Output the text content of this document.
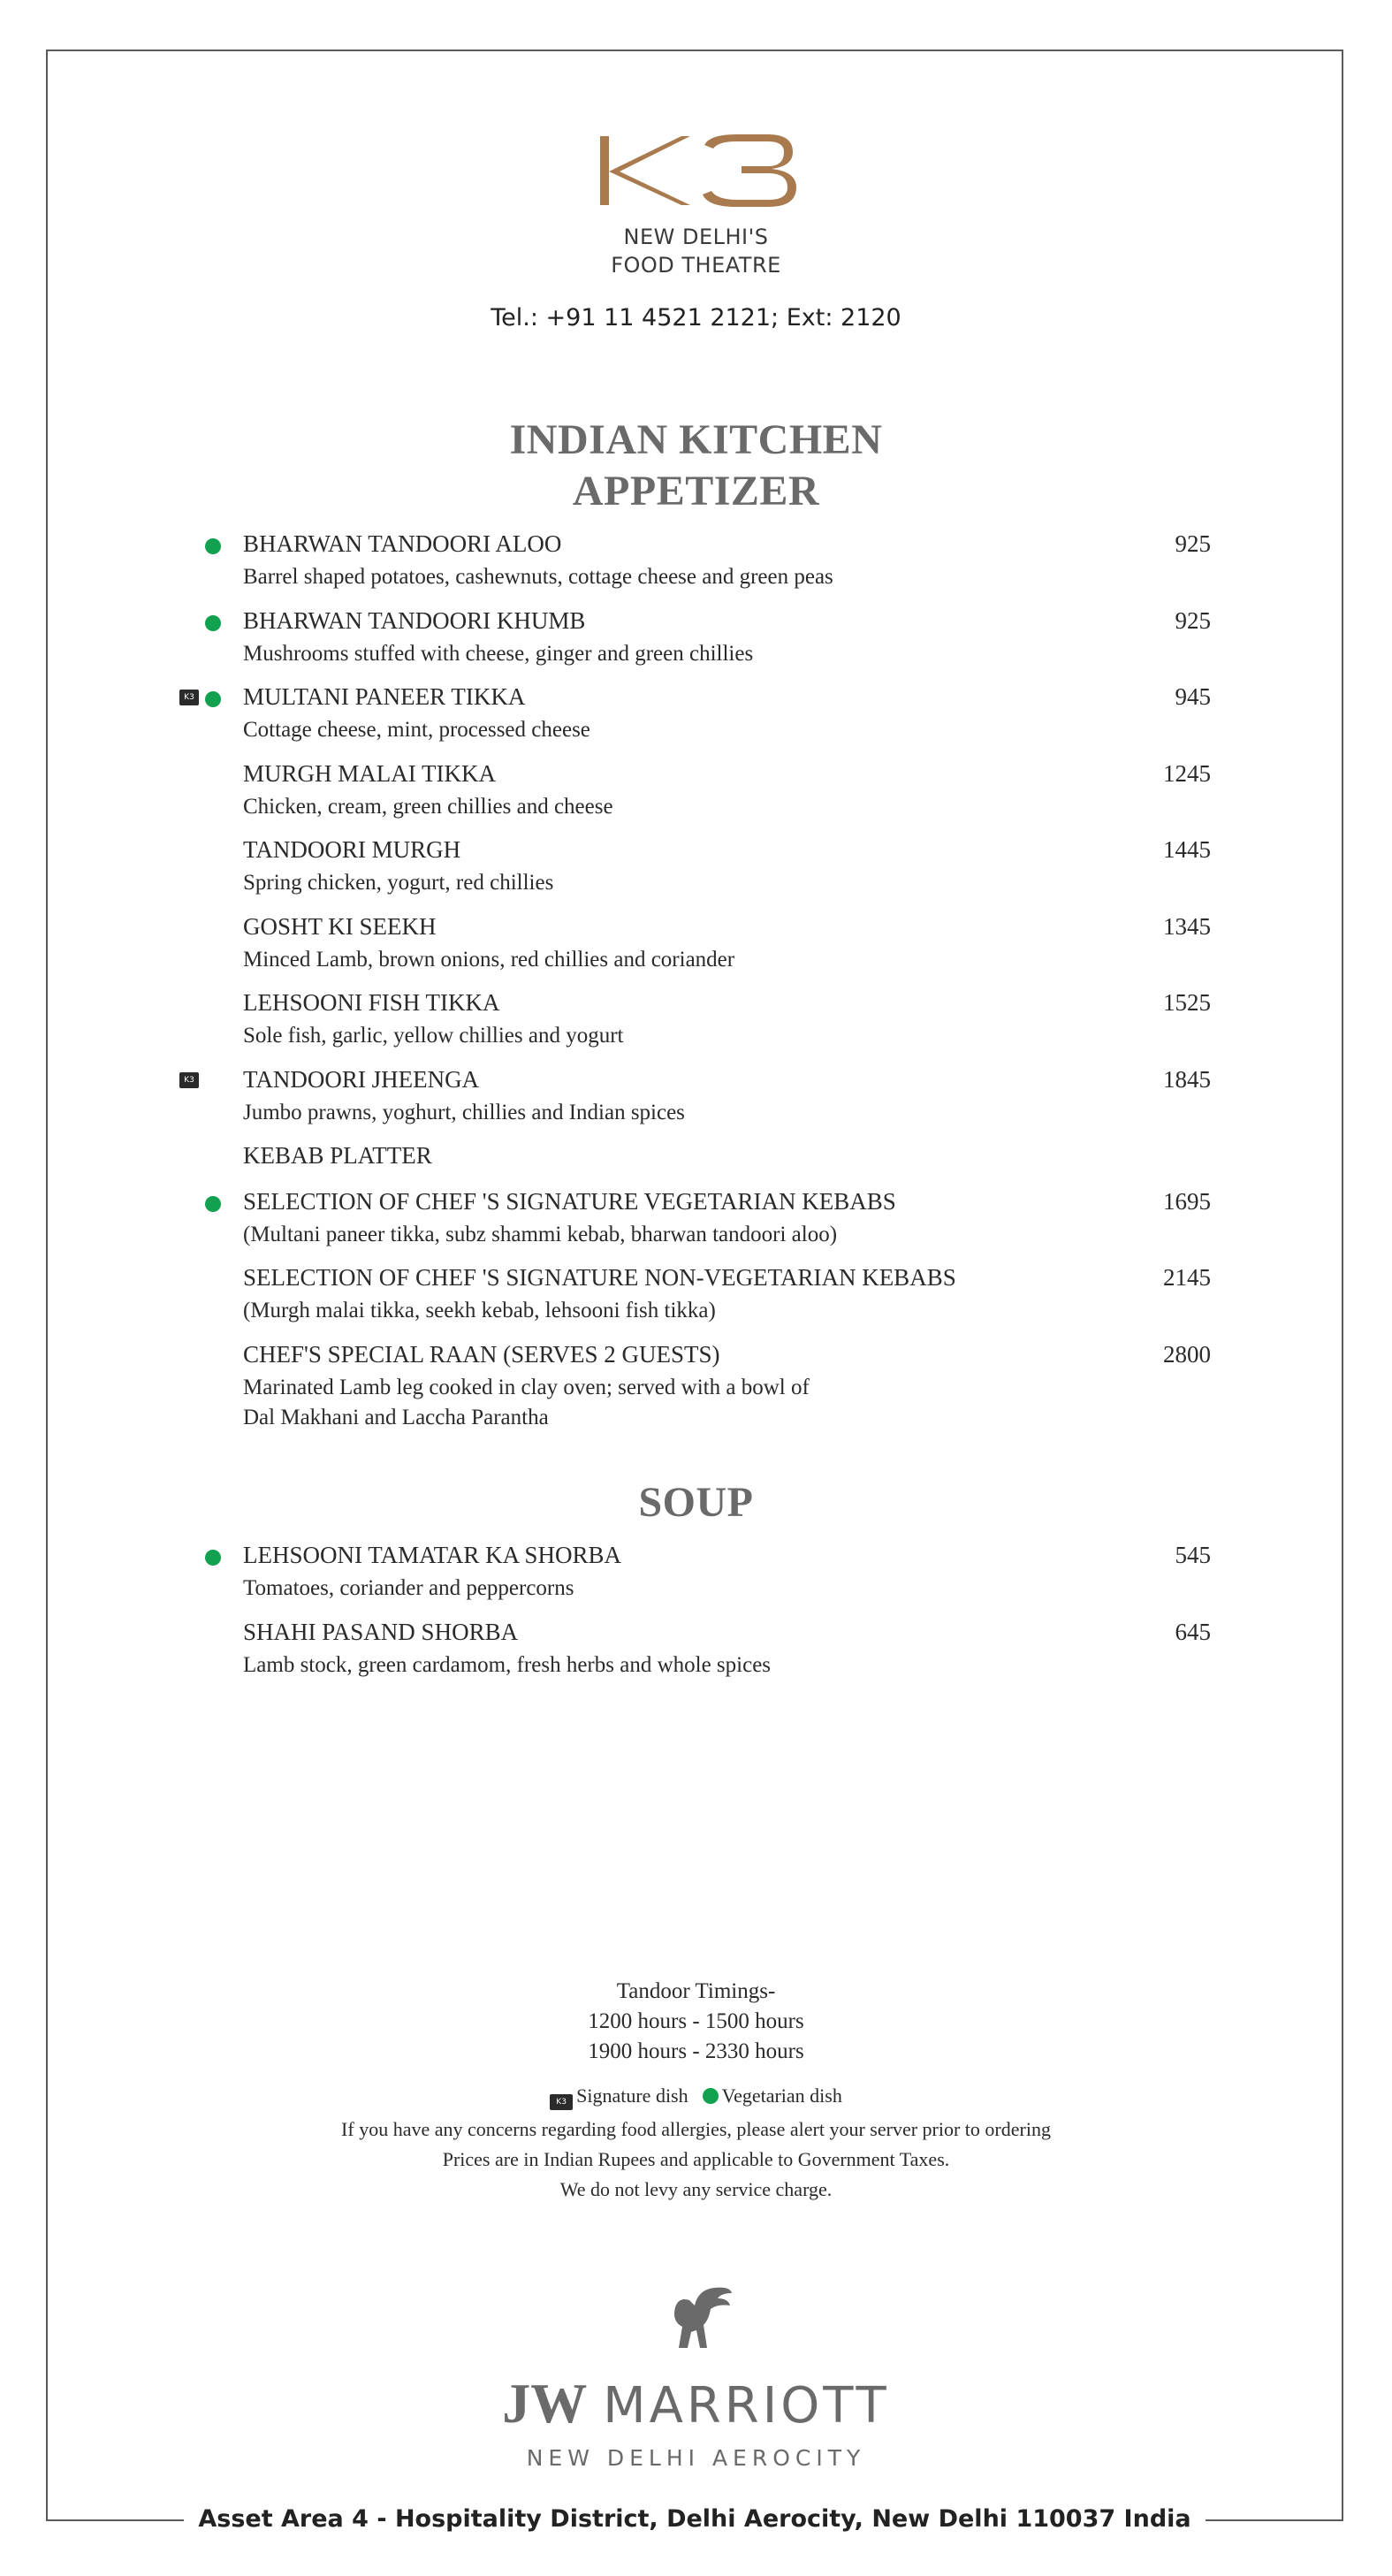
NEW DELHI'S
FOOD THEATRE
Tel.: +91 11 4521 2121; Ext: 2120
INDIAN KITCHEN
APPETIZER
BHARWAN TANDOORI ALOO
Barrel shaped potatoes, cashewnuts, cottage cheese and green peas
925
BHARWAN TANDOORI KHUMB
Mushrooms stuffed with cheese, ginger and green chillies
925
K3 MULTANI PANEER TIKKA
Cottage cheese, mint, processed cheese
945
MURGH MALAI TIKKA
Chicken, cream, green chillies and cheese
1245
TANDOORI MURGH
Spring chicken, yogurt, red chillies
1445
GOSHT KI SEEKH
Minced Lamb, brown onions, red chillies and coriander
1345
LEHSOONI FISH TIKKA
Sole fish, garlic, yellow chillies and yogurt
1525
K3 TANDOORI JHEENGA
Jumbo prawns, yoghurt, chillies and Indian spices
1845
KEBAB PLATTER
SELECTION OF CHEF 'S SIGNATURE VEGETARIAN KEBABS
(Multani paneer tikka, subz shammi kebab, bharwan tandoori aloo)
1695
SELECTION OF CHEF 'S SIGNATURE NON-VEGETARIAN KEBABS
(Murgh malai tikka, seekh kebab, lehsooni fish tikka)
2145
CHEF'S SPECIAL RAAN (SERVES 2 GUESTS)
Marinated Lamb leg cooked in clay oven; served with a bowl of
Dal Makhani and Laccha Parantha
2800
SOUP
LEHSOONI TAMATAR KA SHORBA
Tomatoes, coriander and peppercorns
545
SHAHI PASAND SHORBA
Lamb stock, green cardamom, fresh herbs and whole spices
645
Tandoor Timings-
1200 hours - 1500 hours
1900 hours - 2330 hours
K3 Signature dish Vegetarian dish
If you have any concerns regarding food allergies, please alert your server prior to ordering
Prices are in Indian Rupees and applicable to Government Taxes.
We do not levy any service charge.
JW MARRIOTT
NEW DELHI AEROCITY
Asset Area 4 - Hospitality District, Delhi Aerocity, New Delhi 110037 India
